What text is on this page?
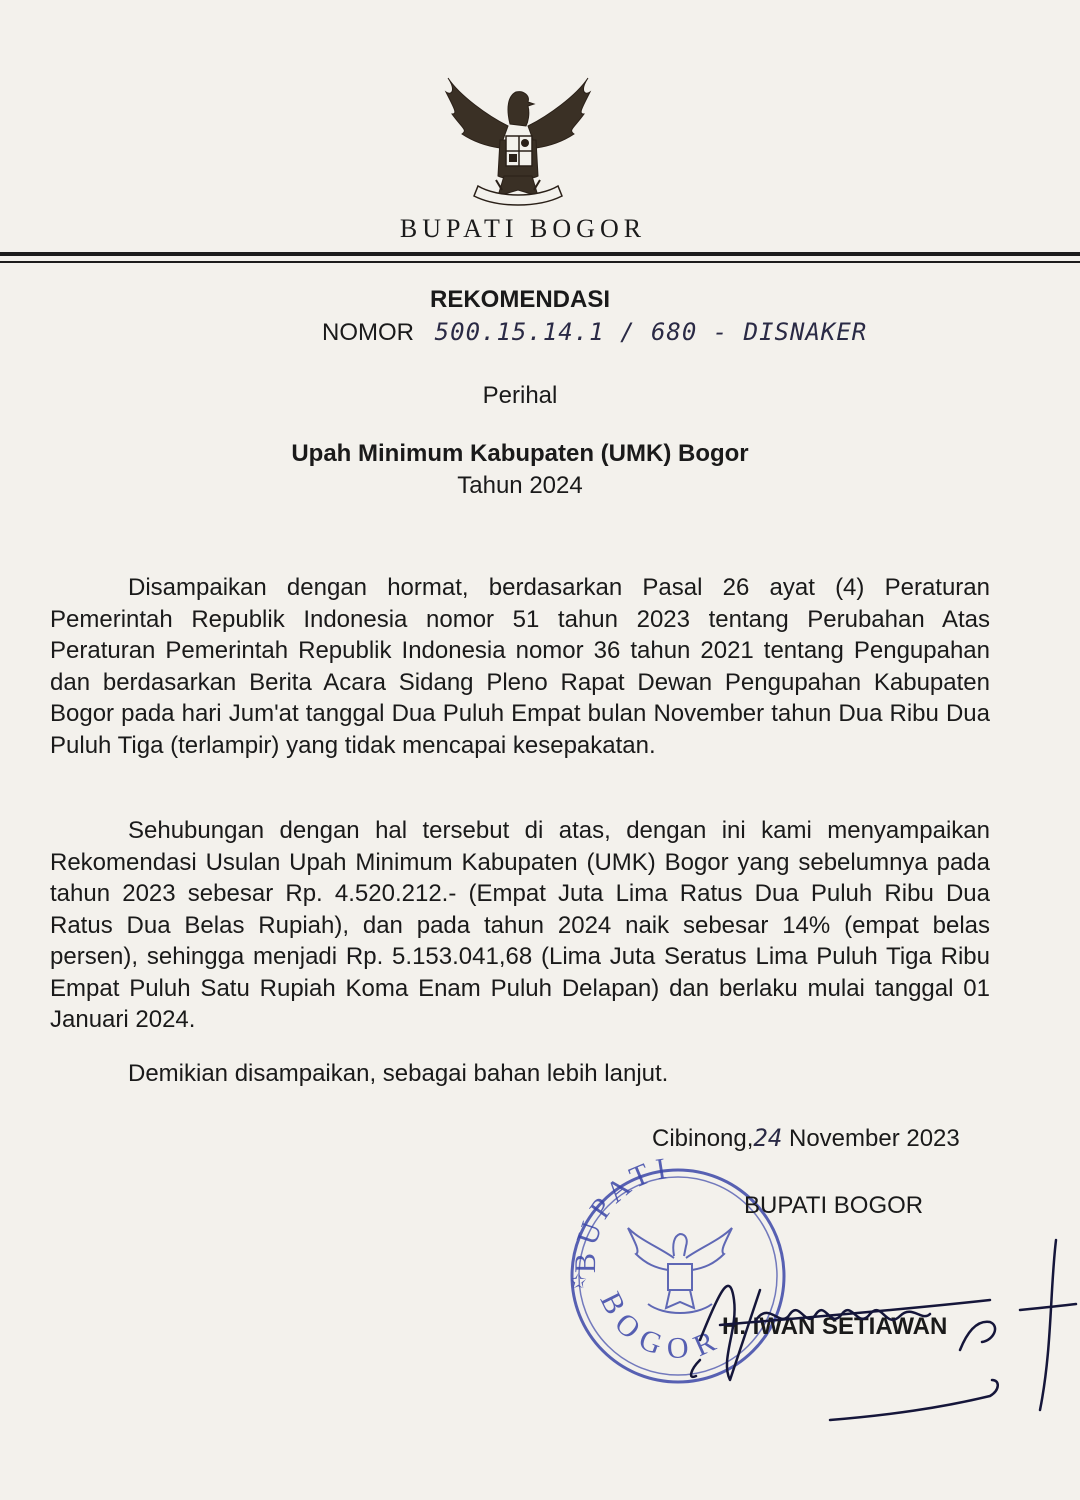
BUPATI BOGOR
REKOMENDASI
NOMOR 500.15.14.1 / 680 - DISNAKER
Perihal
Upah Minimum Kabupaten (UMK) Bogor
Tahun 2024

Disampaikan dengan hormat, berdasarkan Pasal 26 ayat (4) Peraturan Pemerintah Republik Indonesia nomor 51 tahun 2023 tentang Perubahan Atas Peraturan Pemerintah Republik Indonesia nomor 36 tahun 2021 tentang Pengupahan dan berdasarkan Berita Acara Sidang Pleno Rapat Dewan Pengupahan Kabupaten Bogor pada hari Jum'at tanggal Dua Puluh Empat bulan November tahun Dua Ribu Dua Puluh Tiga (terlampir) yang tidak mencapai kesepakatan.

Sehubungan dengan hal tersebut di atas, dengan ini kami menyampaikan Rekomendasi Usulan Upah Minimum Kabupaten (UMK) Bogor yang sebelumnya pada tahun 2023 sebesar Rp. 4.520.212.- (Empat Juta Lima Ratus Dua Puluh Ribu Dua Ratus Dua Belas Rupiah), dan pada tahun 2024 naik sebesar 14% (empat belas persen), sehingga menjadi Rp. 5.153.041,68 (Lima Juta Seratus Lima Puluh Tiga Ribu Empat Puluh Satu Rupiah Koma Enam Puluh Delapan) dan berlaku mulai tanggal 01 Januari 2024.

Demikian disampaikan, sebagai bahan lebih lanjut.

Cibinong,24 November 2023
BUPATI
BOGOR
✩
BUPATI BOGOR
H. IWAN SETIAWAN
